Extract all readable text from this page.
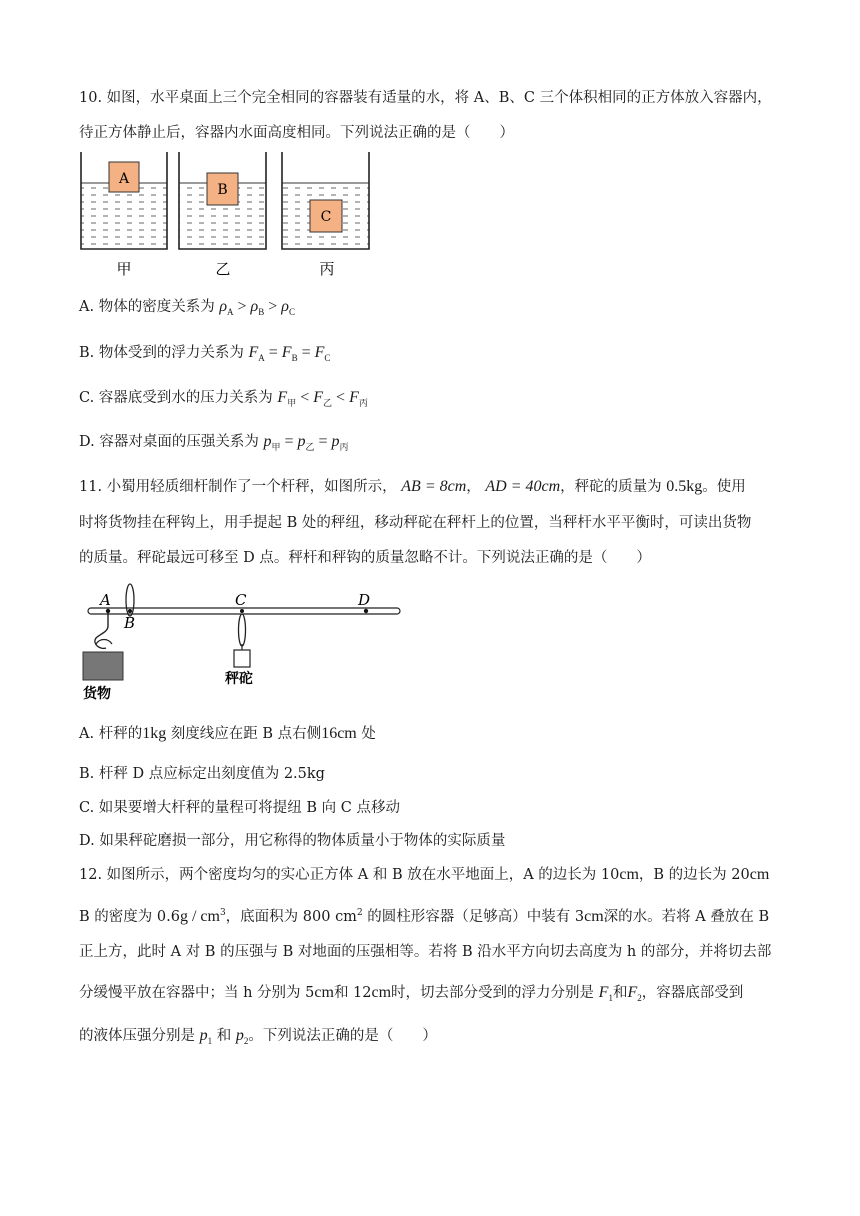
10. 如图，水平桌面上三个完全相同的容器装有适量的水，将 A、B、C 三个体积相同的正方体放入容器内，
待正方体静止后，容器内水面高度相同。下列说法正确的是（　　）
A
甲
B
乙
C
丙
A. 物体的密度关系为 $\rho_A > \rho_B > \rho_C$
B. 物体受到的浮力关系为 $F_A = F_B = F_C$
C. 容器底受到水的压力关系为 $F_甲 < F_乙 < F_丙$
D. 容器对桌面的压强关系为 $p_甲 = p_乙 = p_丙$
11. 小蜀用轻质细杆制作了一个杆秤，如图所示， AB = 8cm， AD = 40cm，秤砣的质量为 0.5kg。使用
时将货物挂在秤钩上，用手提起 B 处的秤纽，移动秤砣在秤杆上的位置，当秤杆水平平衡时，可读出货物
的质量。秤砣最远可移至 D 点。秤杆和秤钩的质量忽略不计。下列说法正确的是（　　）
A
B
C	D
货物
秤砣
A. 杆秤的1kg 刻度线应在距 B 点右侧16cm 处
B. 杆秤 D 点应标定出刻度值为 2.5kg
C. 如果要增大杆秤的量程可将提纽 B 向 C 点移动
D. 如果秤砣磨损一部分，用它称得的物体质量小于物体的实际质量
12. 如图所示，两个密度均匀的实心正方体 A 和 B 放在水平地面上，A 的边长为 10cm，B 的边长为 20cm
B 的密度为 $0.6g / cm^3$，底面积为 800 $cm^2$ 的圆柱形容器（足够高）中装有 3cm深的水。若将 A 叠放在 B
正上方，此时 A 对 B 的压强与 B 对地面的压强相等。若将 B 沿水平方向切去高度为 h 的部分，并将切去部
分缓慢平放在容器中；当 h 分别为 5cm和 12cm时，切去部分受到的浮力分别是 $F_1$和$F_2$，容器底部受到
的液体压强分别是 $p_1$ 和 $p_2$。下列说法正确的是（　　）
